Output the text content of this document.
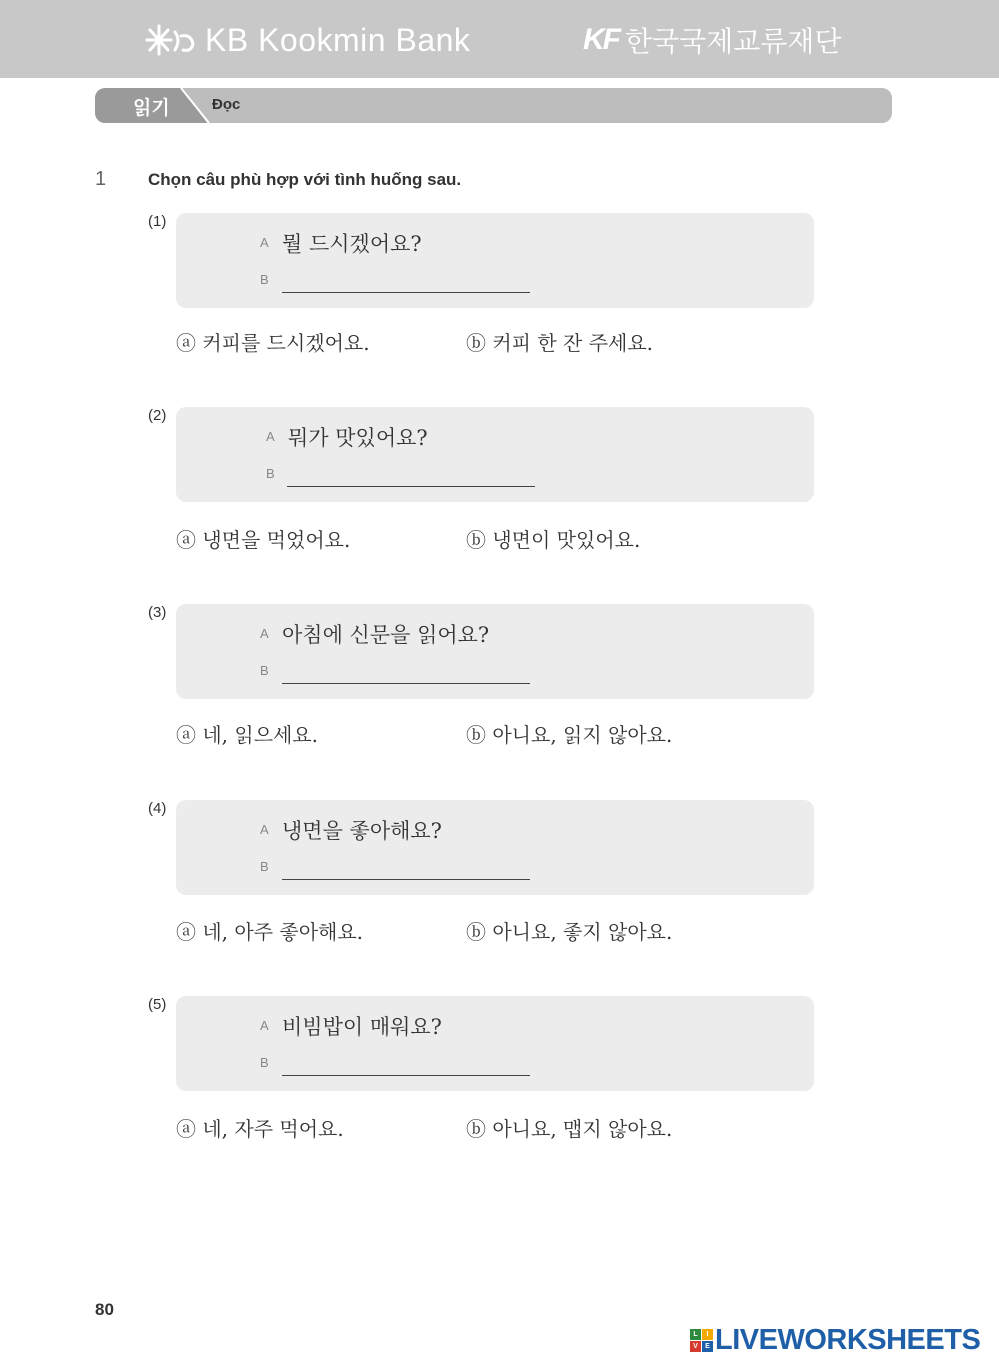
KB Kookmin Bank	KF 한국국제교류재단
읽기	Đọc
1 Chọn câu phù hợp với tình huống sau.
(1)
A 뭘 드시겠어요?
B
ⓐ 커피를 드시겠어요.	ⓑ 커피 한 잔 주세요.
(2)
A 뭐가 맛있어요?
B
ⓐ 냉면을 먹었어요.	ⓑ 냉면이 맛있어요.
(3)
A 아침에 신문을 읽어요?
B
ⓐ 네, 읽으세요.	ⓑ 아니요, 읽지 않아요.
(4)
A 냉면을 좋아해요?
B
ⓐ 네, 아주 좋아해요.	ⓑ 아니요, 좋지 않아요.
(5)
A 비빔밥이 매워요?
B
ⓐ 네, 자주 먹어요.	ⓑ 아니요, 맵지 않아요.
80
L	I
V	E LIVEWORKSHEETS
